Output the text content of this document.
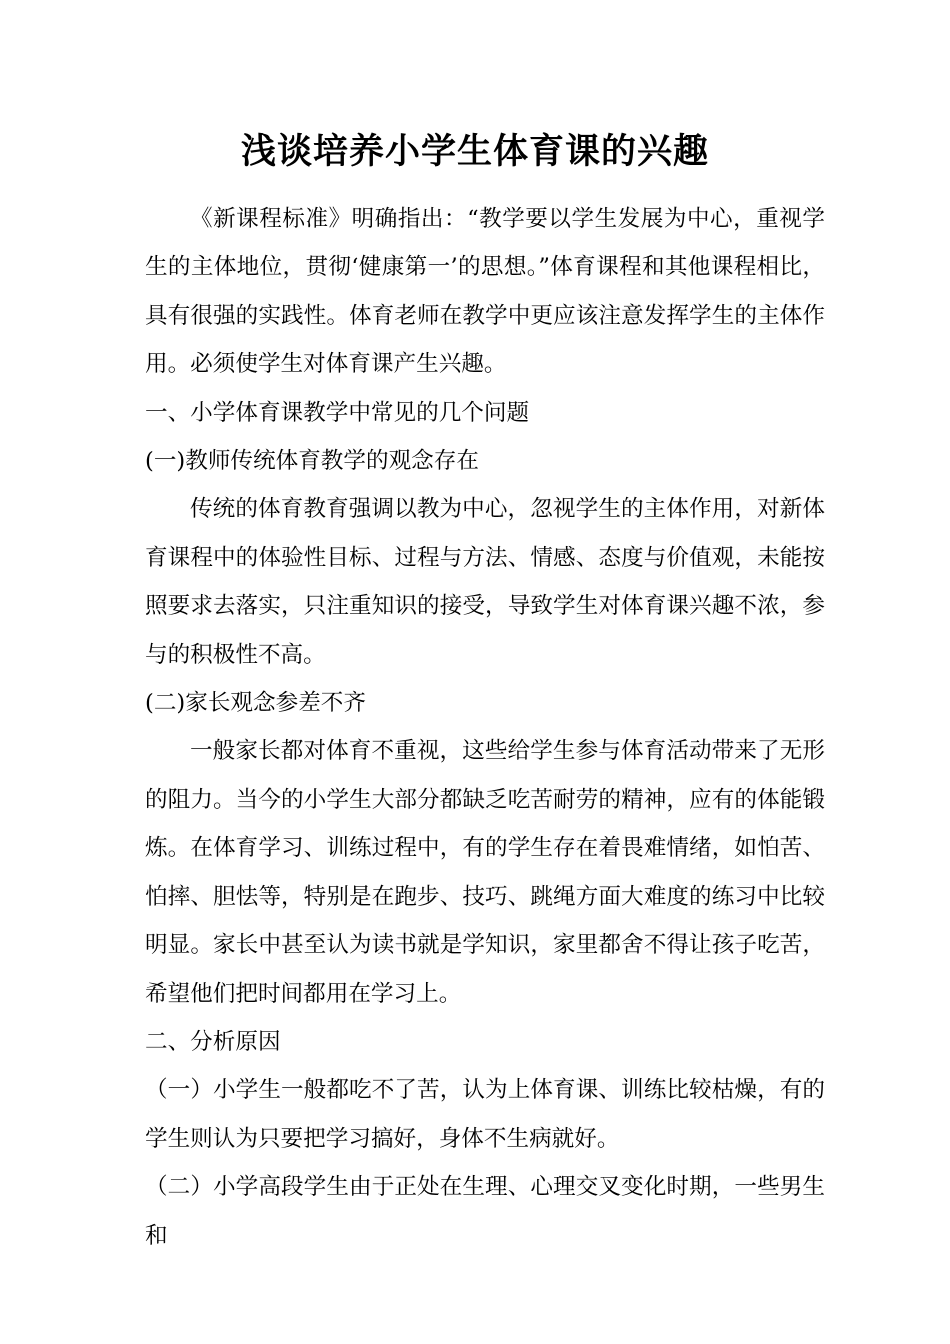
浅谈培养小学生体育课的兴趣

《新课程标准》明确指出：“教学要以学生发展为中心，重视学生的主体地位，贯彻‘健康第一’的思想。”体育课程和其他课程相比，具有很强的实践性。体育老师在教学中更应该注意发挥学生的主体作用。必须使学生对体育课产生兴趣。

一、小学体育课教学中常见的几个问题

(一)教师传统体育教学的观念存在

传统的体育教育强调以教为中心，忽视学生的主体作用，对新体育课程中的体验性目标、过程与方法、情感、态度与价值观，未能按照要求去落实，只注重知识的接受，导致学生对体育课兴趣不浓，参与的积极性不高。

(二)家长观念参差不齐

一般家长都对体育不重视，这些给学生参与体育活动带来了无形的阻力。当今的小学生大部分都缺乏吃苦耐劳的精神，应有的体能锻炼。在体育学习、训练过程中，有的学生存在着畏难情绪，如怕苦、怕摔、胆怯等，特别是在跑步、技巧、跳绳方面大难度的练习中比较明显。家长中甚至认为读书就是学知识，家里都舍不得让孩子吃苦，希望他们把时间都用在学习上。

二、分析原因

（一）小学生一般都吃不了苦，认为上体育课、训练比较枯燥，有的学生则认为只要把学习搞好，身体不生病就好。

（二）小学高段学生由于正处在生理、心理交叉变化时期，一些男生和
